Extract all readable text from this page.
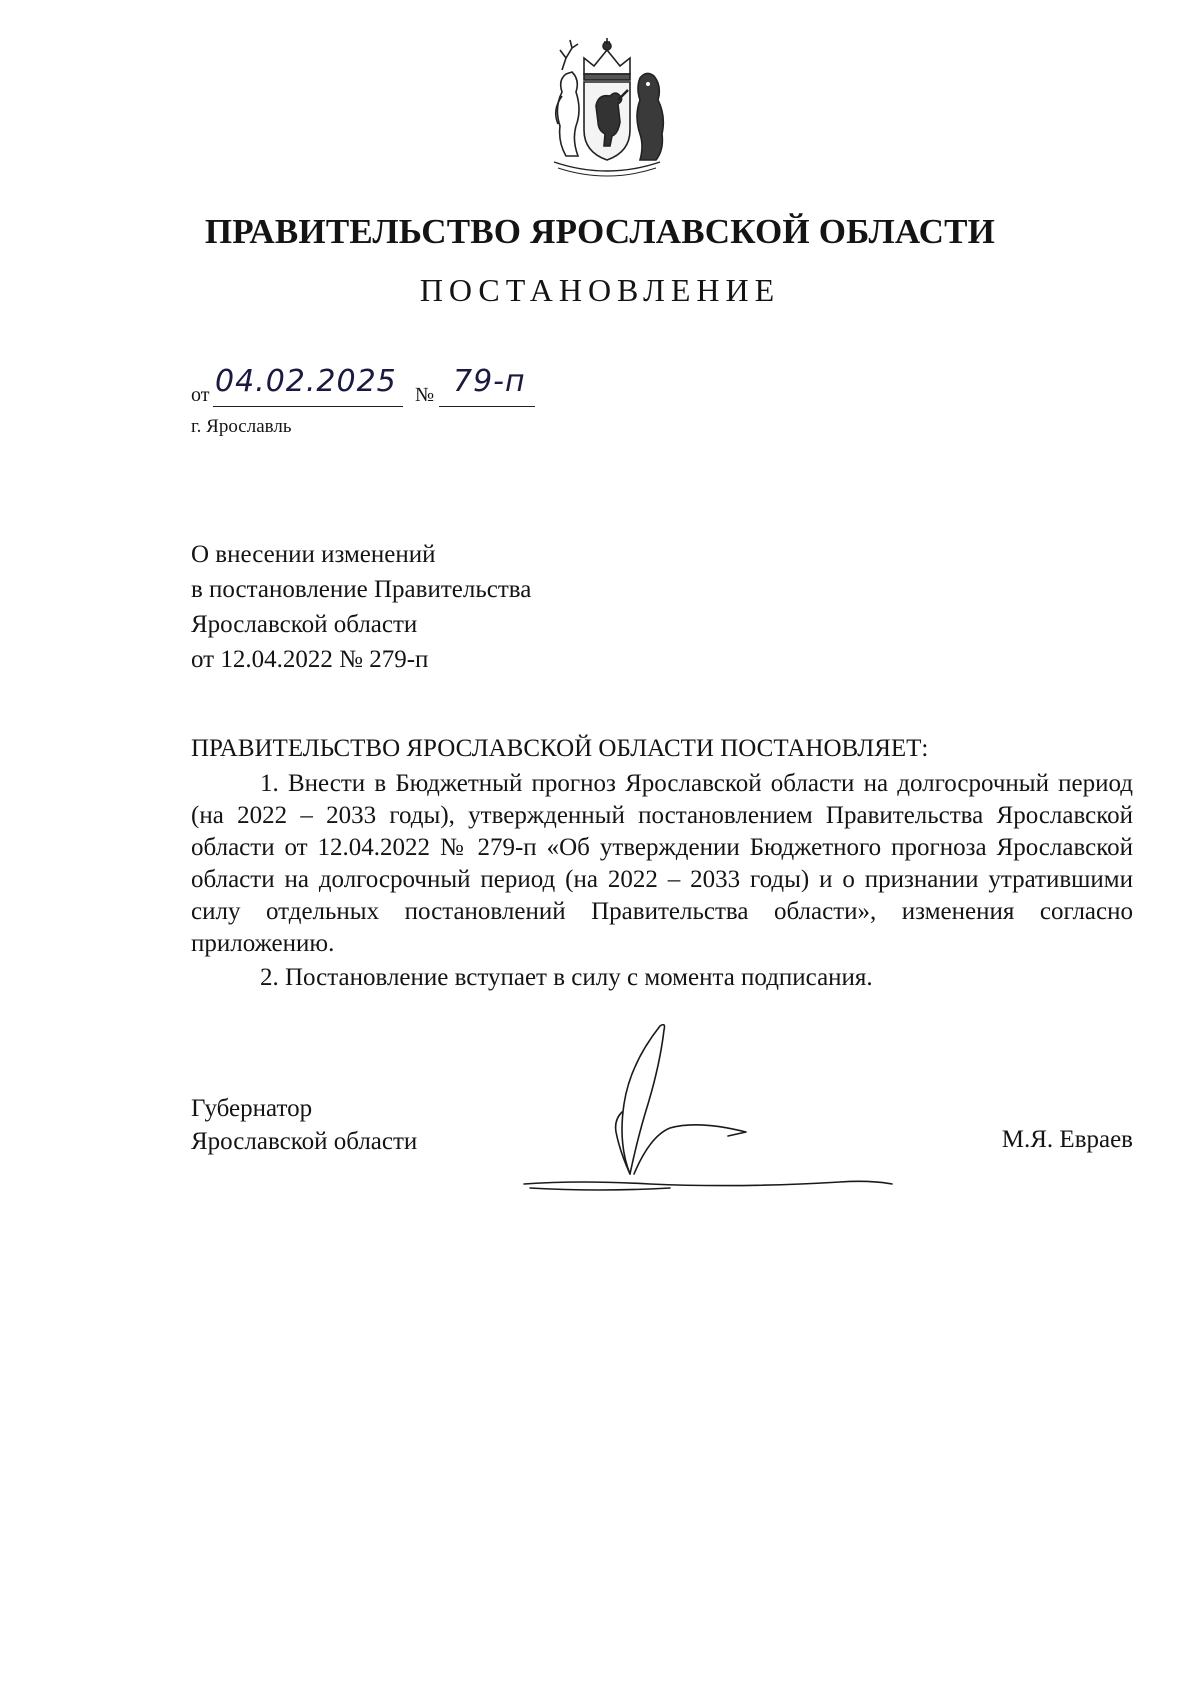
ПРАВИТЕЛЬСТВО ЯРОСЛАВСКОЙ ОБЛАСТИ
ПОСТАНОВЛЕНИЕ
от 04.02.2025 № 79-п
г. Ярославль
О внесении изменений
в постановление Правительства
Ярославской области
от 12.04.2022 № 279-п
ПРАВИТЕЛЬСТВО ЯРОСЛАВСКОЙ ОБЛАСТИ ПОСТАНОВЛЯЕТ:
1. Внести в Бюджетный прогноз Ярославской области на долгосрочный период (на 2022 – 2033 годы), утвержденный постановлением Правительства Ярославской области от 12.04.2022 № 279-п «Об утверждении Бюджетного прогноза Ярославской области на долгосрочный период (на 2022 – 2033 годы) и о признании утратившими силу отдельных постановлений Правительства области», изменения согласно приложению.
2. Постановление вступает в силу с момента подписания.
Губернатор
Ярославской области	М.Я. Евраев
